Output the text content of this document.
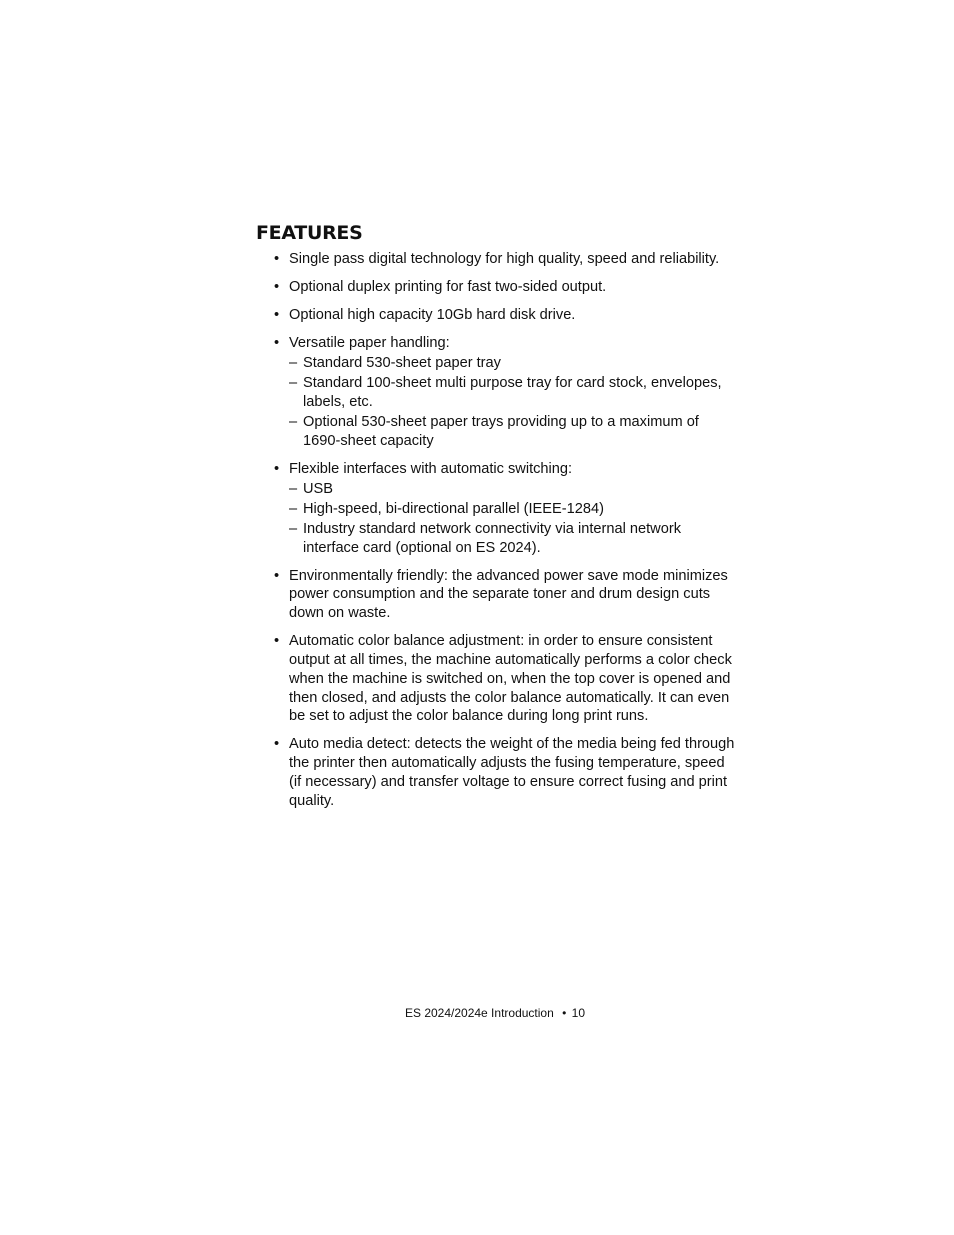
FEATURES
• Single pass digital technology for high quality, speed and reliability.
• Optional duplex printing for fast two-sided output.
• Optional high capacity 10Gb hard disk drive.
• Versatile paper handling:
– Standard 530-sheet paper tray
– Standard 100-sheet multi purpose tray for card stock, envelopes, labels, etc.
– Optional 530-sheet paper trays providing up to a maximum of 1690-sheet capacity
• Flexible interfaces with automatic switching:
– USB
– High-speed, bi-directional parallel (IEEE-1284)
– Industry standard network connectivity via internal network interface card (optional on ES 2024).
• Environmentally friendly: the advanced power save mode minimizes power consumption and the separate toner and drum design cuts down on waste.
• Automatic color balance adjustment: in order to ensure consistent output at all times, the machine automatically performs a color check when the machine is switched on, when the top cover is opened and then closed, and adjusts the color balance automatically. It can even be set to adjust the color balance during long print runs.
• Auto media detect: detects the weight of the media being fed through the printer then automatically adjusts the fusing temperature, speed (if necessary) and transfer voltage to ensure correct fusing and print quality.
ES 2024/2024e Introduction • 10
